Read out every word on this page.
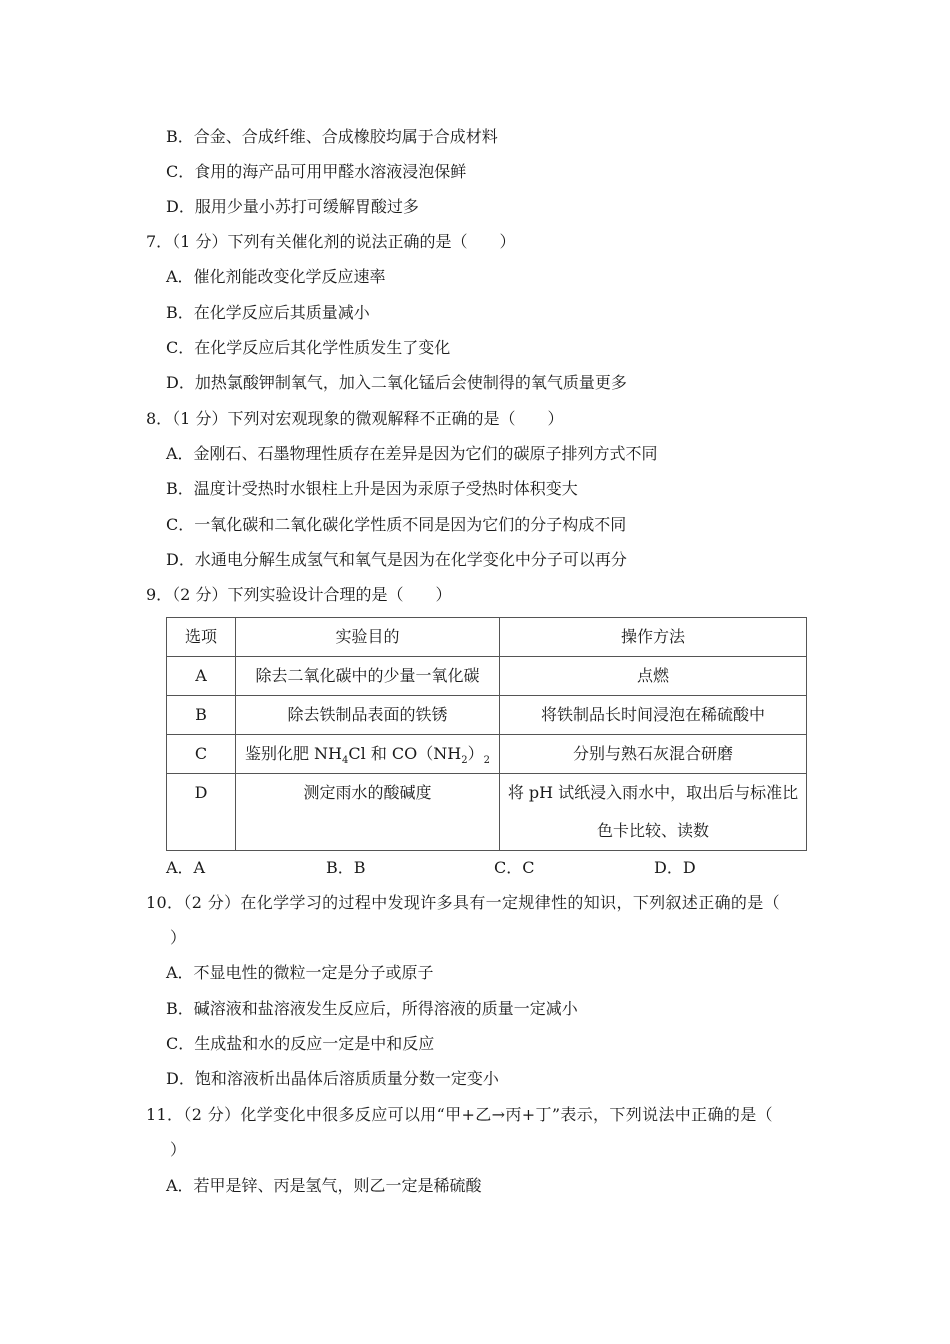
B．合金、合成纤维、合成橡胶均属于合成材料
C．食用的海产品可用甲醛水溶液浸泡保鲜
D．服用少量小苏打可缓解胃酸过多
7．（1 分）下列有关催化剂的说法正确的是（　　）
A．催化剂能改变化学反应速率
B．在化学反应后其质量减小
C．在化学反应后其化学性质发生了变化
D．加热氯酸钾制氧气，加入二氧化锰后会使制得的氧气质量更多
8．（1 分）下列对宏观现象的微观解释不正确的是（　　）
A．金刚石、石墨物理性质存在差异是因为它们的碳原子排列方式不同
B．温度计受热时水银柱上升是因为汞原子受热时体积变大
C．一氧化碳和二氧化碳化学性质不同是因为它们的分子构成不同
D．水通电分解生成氢气和氧气是因为在化学变化中分子可以再分
9．（2 分）下列实验设计合理的是（　　）
选项	实验目的	操作方法
A	除去二氧化碳中的少量一氧化碳	点燃
B	除去铁制品表面的铁锈	将铁制品长时间浸泡在稀硫酸中
C	鉴别化肥 $NH_4Cl$ 和 $CO(NH_2)_2$	分别与熟石灰混合研磨
D	测定雨水的酸碱度	将 pH 试纸浸入雨水中，取出后与标准比
色卡比较、读数
A．A	B．B	C．C	D．D
10．（2 分）在化学学习的过程中发现许多具有一定规律性的知识，下列叙述正确的是（
）
A．不显电性的微粒一定是分子或原子
B．碱溶液和盐溶液发生反应后，所得溶液的质量一定减小
C．生成盐和水的反应一定是中和反应
D．饱和溶液析出晶体后溶质质量分数一定变小
11．（2 分）化学变化中很多反应可以用“甲+乙→丙+丁”表示，下列说法中正确的是（
）
A．若甲是锌、丙是氢气，则乙一定是稀硫酸
